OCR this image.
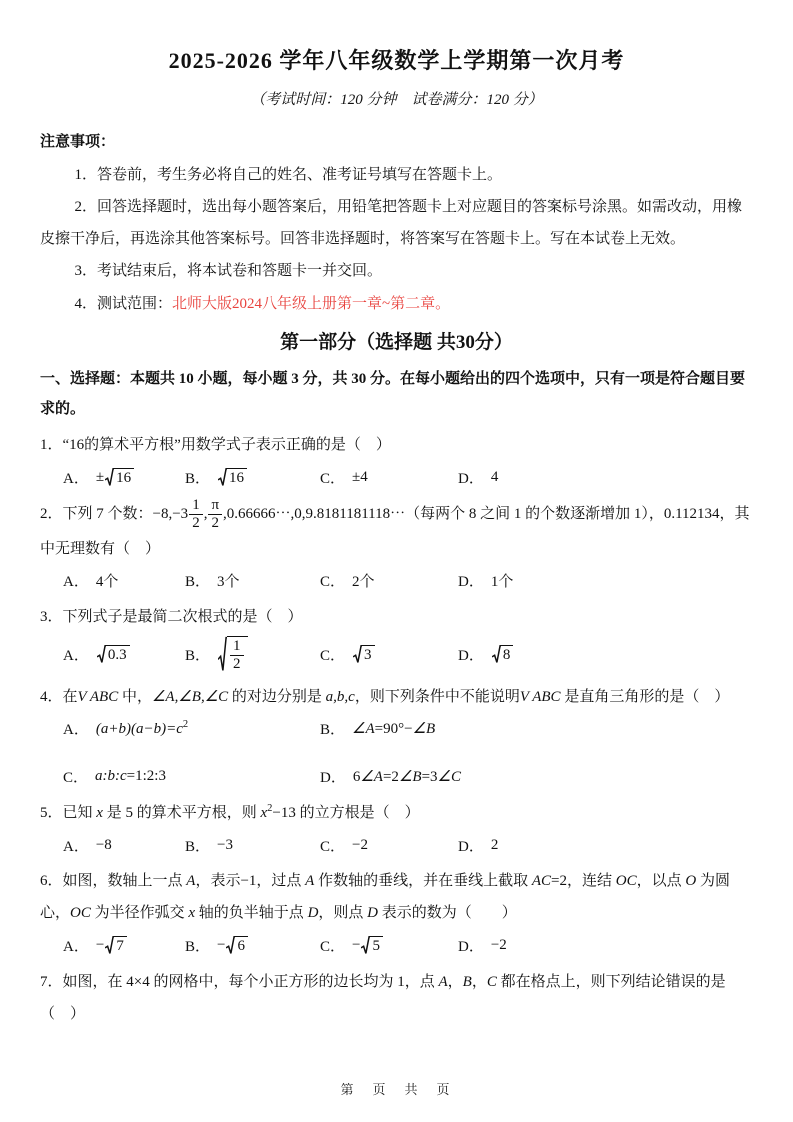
2025-2026 学年八年级数学上学期第一次月考
（考试时间：120 分钟　试卷满分：120 分）
注意事项：

1．答卷前，考生务必将自己的姓名、准考证号填写在答题卡上。

2．回答选择题时，选出每小题答案后，用铅笔把答题卡上对应题目的答案标号涂黑。如需改动，用橡皮擦干净后，再选涂其他答案标号。回答非选择题时，将答案写在答题卡上。写在本试卷上无效。

3．考试结束后，将本试卷和答题卡一并交回。

4．测试范围：北师大版2024八年级上册第一章~第二章。

第一部分（选择题 共30分）

一、选择题：本题共 10 小题，每小题 3 分，共 30 分。在每小题给出的四个选项中，只有一项是符合题目要求的。

1．“16的算术平方根”用数学式子表示正确的是（　）
A． ± 16	B． 16	C． ±4	D． 4
2．下列 7 个数：$-8,-3 \frac{1}{2}$ , $\frac{\pi}{2}$ ,0.66666⋯,0,9.8181181118⋯（每两个 8 之间 1 的个数逐渐增加 1），0.112134，其中无理数有（　）
A． 4个	B． 3个	C． 2个	D． 1个
3．下列式子是最简二次根式的是（　）
A． 0.3	B． $\frac{1}{2}$	C． 3	D． 8
4．在V ABC 中，∠A,∠B,∠C 的对边分别是 a,b,c，则下列条件中不能说明V ABC 是直角三角形的是（　）
A． $(a+b)(a-b)=c^2$	B． ∠A=90°−∠B
C． a:b:c=1:2:3	D． 6∠A=2∠B=3∠C
5．已知 x 是 5 的算术平方根，则 $x^2-13$ 的立方根是（　）
A． −8	B． −3	C． −2	D． 2
6．如图，数轴上一点 A，表示−1，过点 A 作数轴的垂线，并在垂线上截取 AC=2，连结 OC，以点 O 为圆心，OC 为半径作弧交 x 轴的负半轴于点 D，则点 D 表示的数为（　　）
A． − 7	B． − 6	C． − 5	D． −2
7．如图，在 4×4 的网格中，每个小正方形的边长均为 1，点 A，B，C 都在格点上，则下列结论错误的是（　）
第　页　共　页
